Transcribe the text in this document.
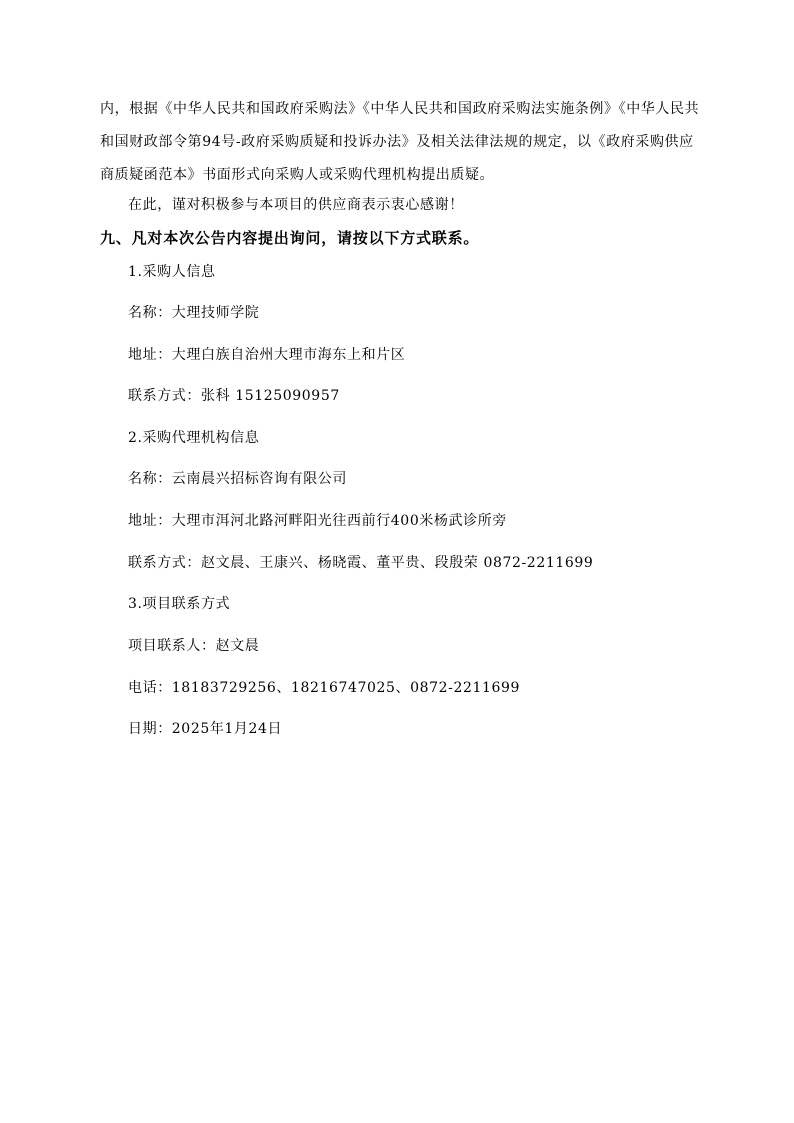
内，根据《中华人民共和国政府采购法》《中华人民共和国政府采购法实施条例》《中华人民共和国财政部令第94号-政府采购质疑和投诉办法》及相关法律法规的规定，以《政府采购供应商质疑函范本》书面形式向采购人或采购代理机构提出质疑。

在此，谨对积极参与本项目的供应商表示衷心感谢！

九、凡对本次公告内容提出询问，请按以下方式联系。

1.采购人信息

名称：大理技师学院

地址：大理白族自治州大理市海东上和片区

联系方式：张科 15125090957

2.采购代理机构信息

名称：云南晨兴招标咨询有限公司

地址：大理市洱河北路河畔阳光往西前行400米杨武诊所旁

联系方式：赵文晨、王康兴、杨晓霞、董平贵、段殷荣 0872-2211699

3.项目联系方式

项目联系人：赵文晨

电话：18183729256、18216747025、0872-2211699

日期：2025年1月24日
